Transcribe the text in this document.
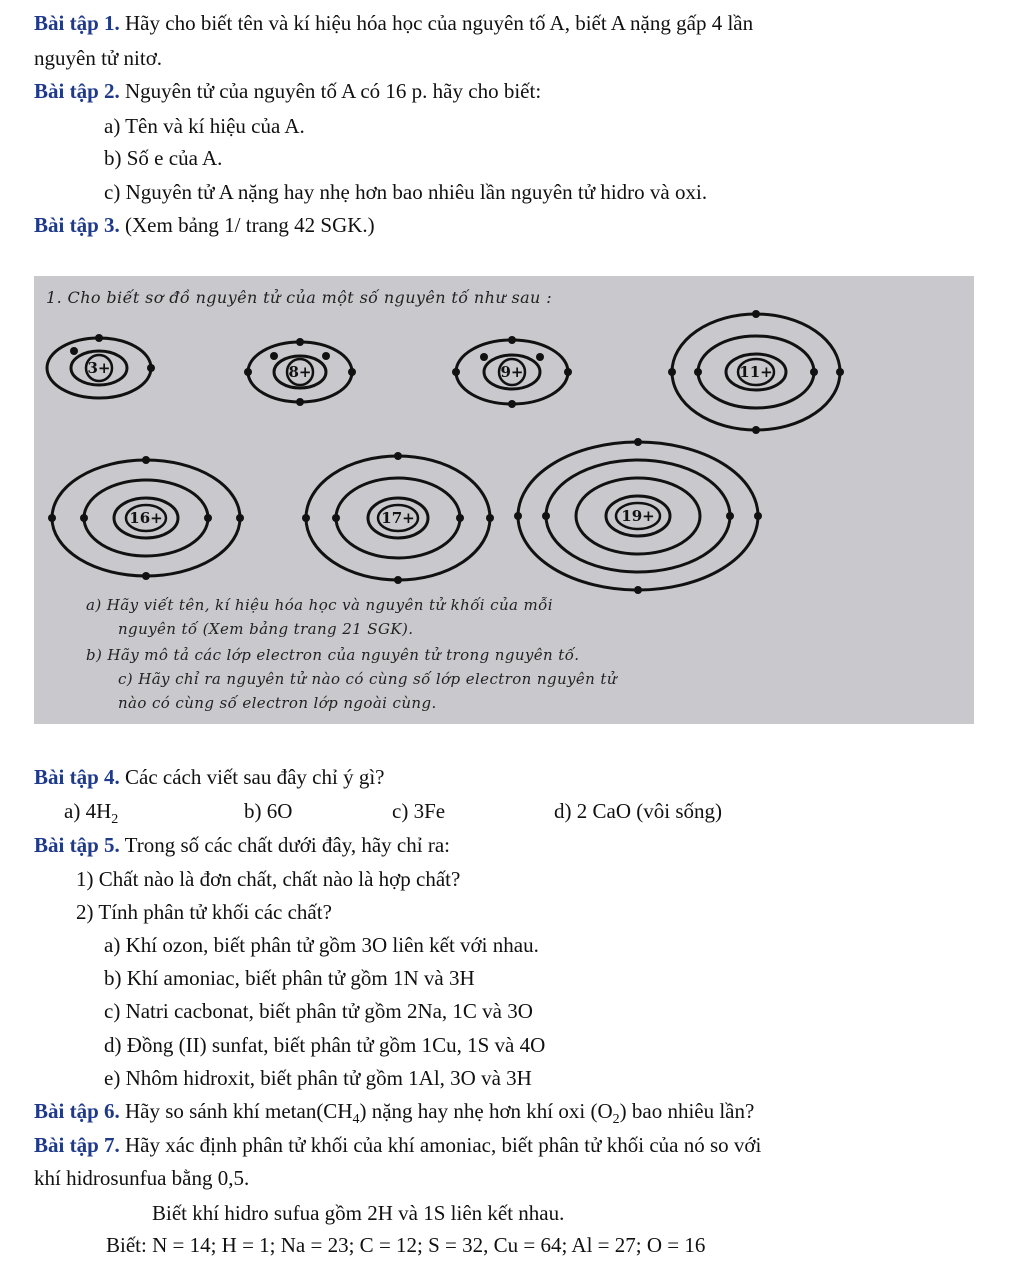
Bài tập 1. Hãy cho biết tên và kí hiệu hóa học của nguyên tố A, biết A nặng gấp 4 lần
nguyên tử nitơ.
Bài tập 2. Nguyên tử của nguyên tố A có 16 p. hãy cho biết:
a) Tên và kí hiệu của A.
b) Số e của A.
c) Nguyên tử A nặng hay nhẹ hơn bao nhiêu lần nguyên tử hidro và oxi.
Bài tập 3. (Xem bảng 1/ trang 42 SGK.)
3+	8+	9+	11+
16+	17+	19+
1. Cho biết sơ đồ nguyên tử của một số nguyên tố như sau :
a) Hãy viết tên, kí hiệu hóa học và nguyên tử khối của mỗi
nguyên tố (Xem bảng trang 21 SGK).
b) Hãy mô tả các lớp electron của nguyên tử trong nguyên tố.
c) Hãy chỉ ra nguyên tử nào có cùng số lớp electron nguyên tử
nào có cùng số electron lớp ngoài cùng.
Bài tập 4. Các cách viết sau đây chỉ ý gì?
a) $4H_2$	b) 6O	c) 3Fe	d) 2 CaO (vôi sống)
Bài tập 5. Trong số các chất dưới đây, hãy chỉ ra:
1) Chất nào là đơn chất, chất nào là hợp chất?
2) Tính phân tử khối các chất?
a) Khí ozon, biết phân tử gồm 3O liên kết với nhau.
b) Khí amoniac, biết phân tử gồm 1N và 3H
c) Natri cacbonat, biết phân tử gồm 2Na, 1C và 3O
d) Đồng (II) sunfat, biết phân tử gồm 1Cu, 1S và 4O
e) Nhôm hidroxit, biết phân tử gồm 1Al, 3O và 3H
Bài tập 6. Hãy so sánh khí $metan(CH_4)$ nặng hay nhẹ hơn khí oxi $(O_2)$ bao nhiêu lần?
Bài tập 7. Hãy xác định phân tử khối của khí amoniac, biết phân tử khối của nó so với
khí hidrosunfua bằng 0,5.
Biết khí hidro sufua gồm 2H và 1S liên kết nhau.
Biết: N = 14; H = 1; Na = 23; C = 12; S = 32, Cu = 64; Al = 27; O = 16
